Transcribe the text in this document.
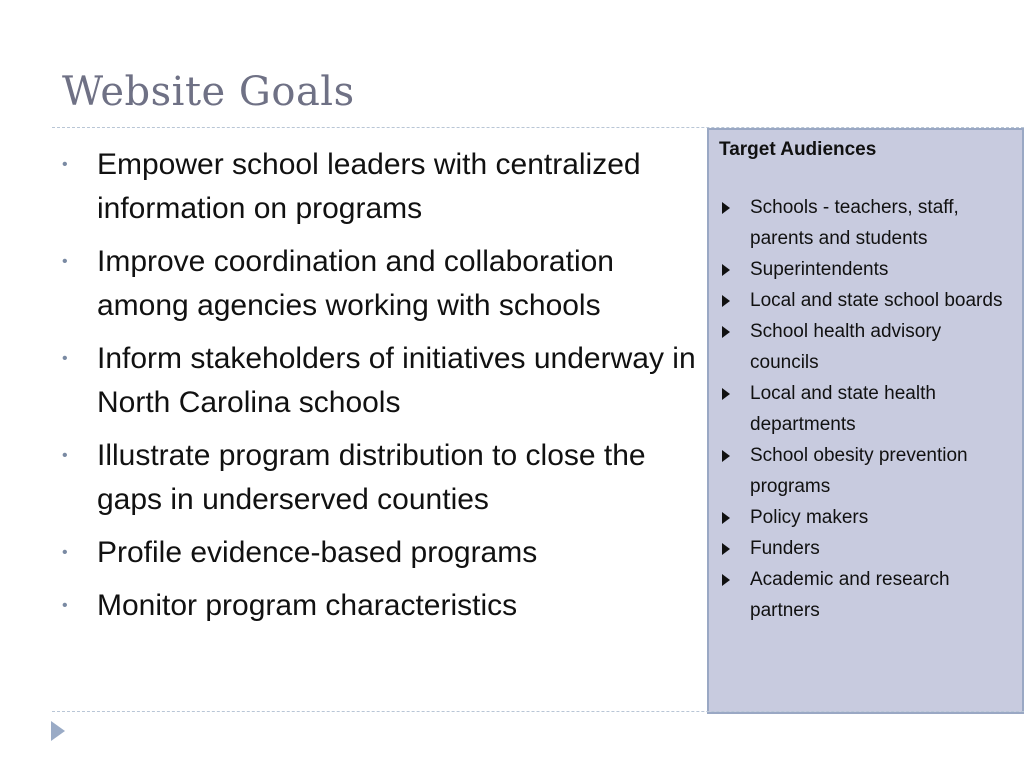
Website Goals
• Empower school leaders with centralized information on programs
• Improve coordination and collaboration among agencies working with schools
• Inform stakeholders of initiatives underway in North Carolina schools
• Illustrate program distribution to close the gaps in underserved counties
• Profile evidence-based programs
• Monitor program characteristics
Target Audiences
Schools - teachers, staff, parents and students
Superintendents
Local and state school boards
School health advisory councils
Local and state health departments
School obesity prevention programs
Policy makers
Funders
Academic and research partners
